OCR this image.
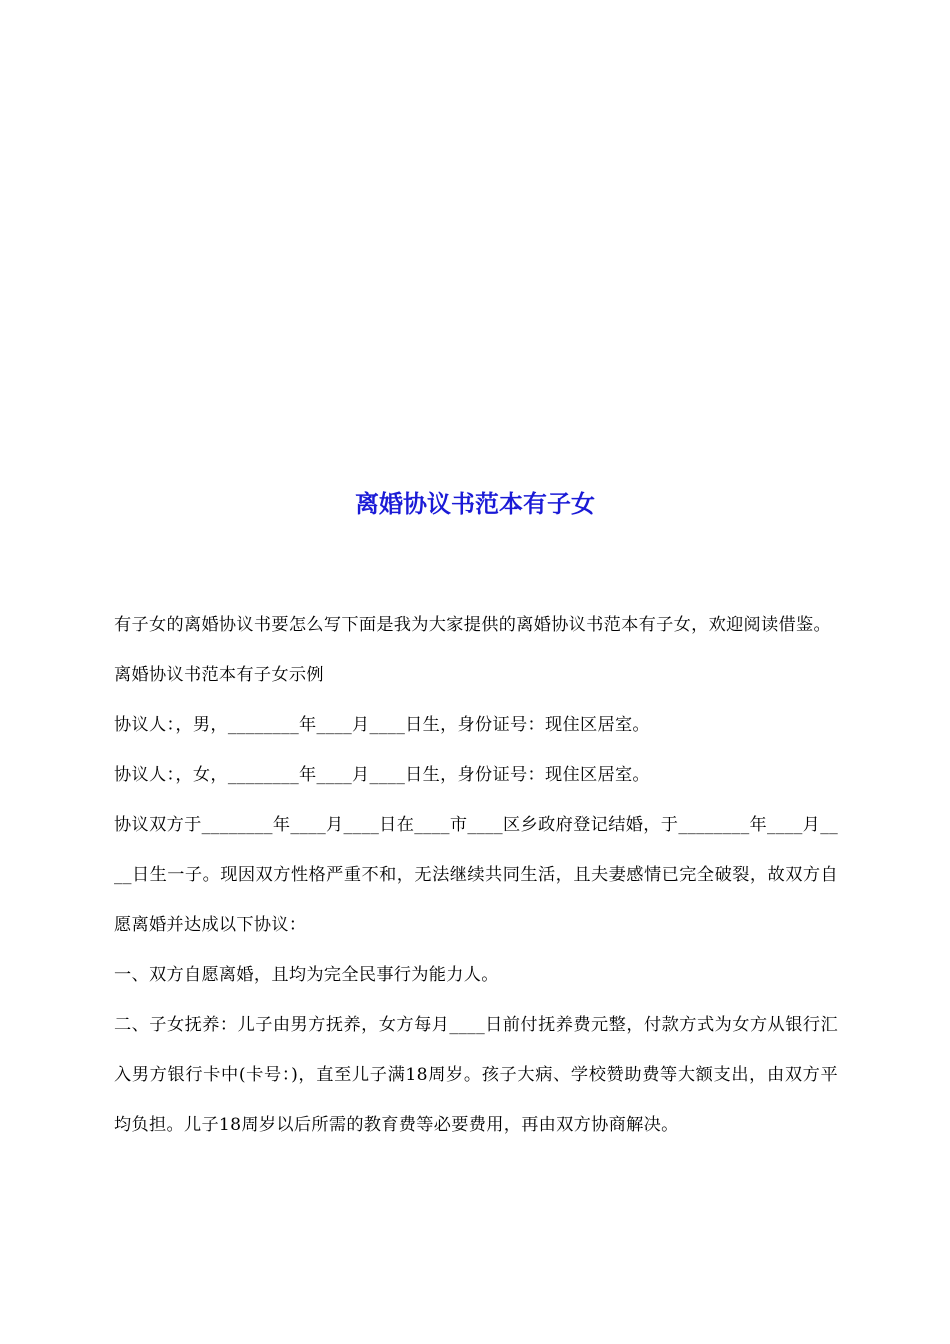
离婚协议书范本有子女

有子女的离婚协议书要怎么写下面是我为大家提供的离婚协议书范本有子女，欢迎阅读借鉴。

离婚协议书范本有子女示例

协议人：，男，________年____月____日生，身份证号：现住区居室。

协议人：，女，________年____月____日生，身份证号：现住区居室。

协议双方于________年____月____日在____市____区乡政府登记结婚，于________年____月____日生一子。现因双方性格严重不和，无法继续共同生活，且夫妻感情已完全破裂，故双方自愿离婚并达成以下协议：

一、双方自愿离婚，且均为完全民事行为能力人。

二、子女抚养：儿子由男方抚养，女方每月____日前付抚养费元整，付款方式为女方从银行汇入男方银行卡中(卡号：)，直至儿子满18周岁。孩子大病、学校赞助费等大额支出，由双方平均负担。儿子18周岁以后所需的教育费等必要费用，再由双方协商解决。
